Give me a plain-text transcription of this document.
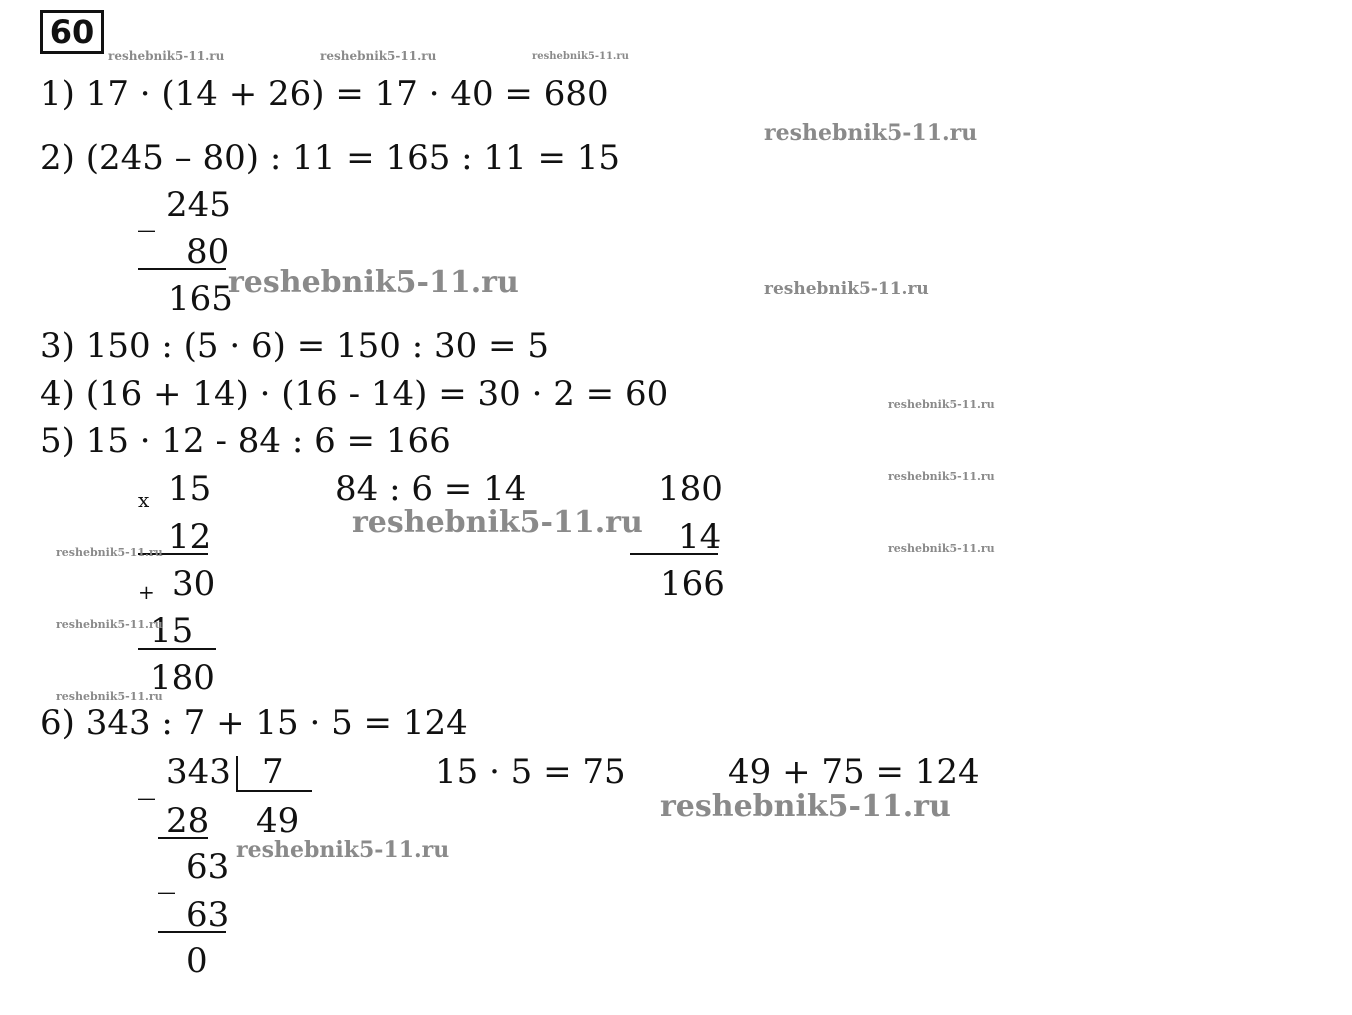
60
1) 17 · (14 + 26) = 17 · 40 = 680
2) (245 – 80) : 11 = 165 : 11 = 15
3) 150 : (5 · 6) = 150 : 30 = 5
4) (16 + 14) · (16 - 14) = 30 · 2 = 60
5) 15 · 12 - 84 : 6 = 166
6) 343 : 7 + 15 · 5 = 124
_ 245
80
165
x 15
12
+ 30
15
180
84 : 6 = 14	180
14
166
_ 343 7
49
28
_ 63
63
0
15 · 5 = 75	49 + 75 = 124
reshebnik5-11.ru	reshebnik5-11.ru	reshebnik5-11.ru
reshebnik5-11.ru
reshebnik5-11.ru	reshebnik5-11.ru
reshebnik5-11.ru
reshebnik5-11.ru
reshebnik5-11.ru
reshebnik5-11.ru	reshebnik5-11.ru
reshebnik5-11.ru
reshebnik5-11.ru
reshebnik5-11.ru
reshebnik5-11.ru
